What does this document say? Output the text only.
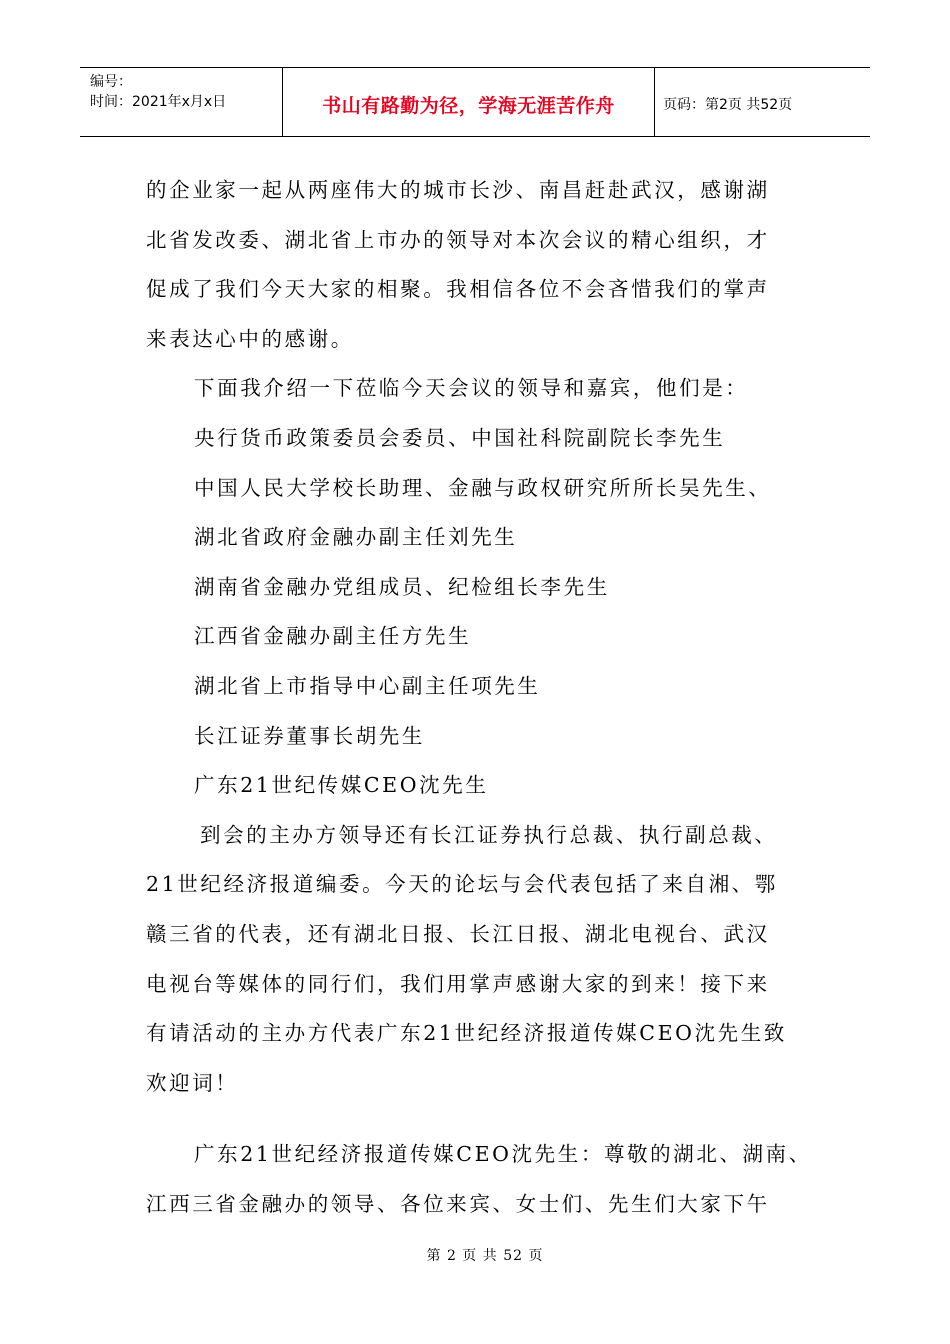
编号：
时间：2021年x月x日	书山有路勤为径，学海无涯苦作舟	页码：第2页 共52页
的企业家一起从两座伟大的城市长沙、南昌赶赴武汉，感谢湖
北省发改委、湖北省上市办的领导对本次会议的精心组织，才
促成了我们今天大家的相聚。我相信各位不会吝惜我们的掌声
来表达心中的感谢。
下面我介绍一下莅临今天会议的领导和嘉宾，他们是：
央行货币政策委员会委员、中国社科院副院长李先生
中国人民大学校长助理、金融与政权研究所所长吴先生、
湖北省政府金融办副主任刘先生
湖南省金融办党组成员、纪检组长李先生
江西省金融办副主任方先生
湖北省上市指导中心副主任项先生
长江证券董事长胡先生
广东21世纪传媒CEO沈先生
到会的主办方领导还有长江证券执行总裁、执行副总裁、
21世纪经济报道编委。今天的论坛与会代表包括了来自湘、鄂
赣三省的代表，还有湖北日报、长江日报、湖北电视台、武汉
电视台等媒体的同行们，我们用掌声感谢大家的到来！接下来
有请活动的主办方代表广东21世纪经济报道传媒CEO沈先生致
欢迎词！
广东21世纪经济报道传媒CEO沈先生：尊敬的湖北、湖南、
江西三省金融办的领导、各位来宾、女士们、先生们大家下午
第 2 页 共 52 页
